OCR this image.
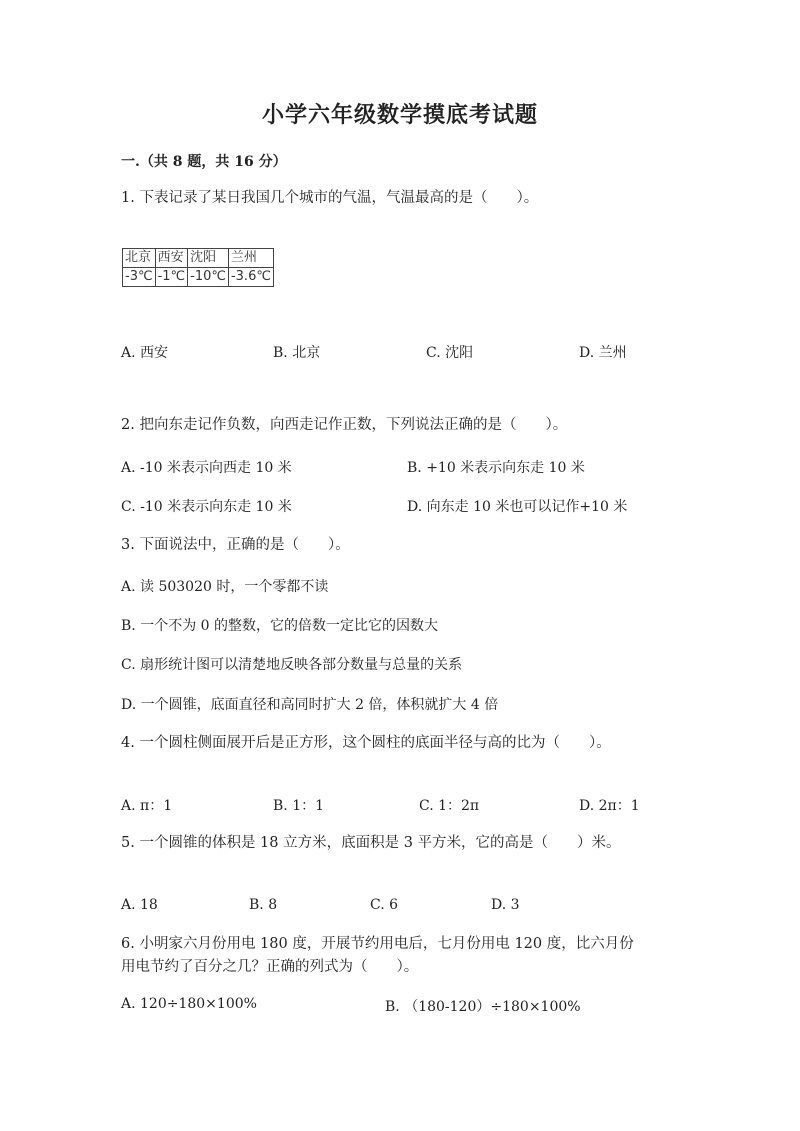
小学六年级数学摸底考试题
一.（共 8 题，共 16 分）
1. 下表记录了某日我国几个城市的气温，气温最高的是（　　）。
北京	西安	沈阳	兰州
-3℃	-1℃	-10℃	-3.6℃
A. 西安	B. 北京	C. 沈阳	D. 兰州
2. 把向东走记作负数，向西走记作正数，下列说法正确的是（　　）。
A. -10 米表示向西走 10 米	B. +10 米表示向东走 10 米
C. -10 米表示向东走 10 米	D. 向东走 10 米也可以记作+10 米
3. 下面说法中，正确的是（　　）。
A. 读 503020 时，一个零都不读
B. 一个不为 0 的整数，它的倍数一定比它的因数大
C. 扇形统计图可以清楚地反映各部分数量与总量的关系
D. 一个圆锥，底面直径和高同时扩大 2 倍，体积就扩大 4 倍
4. 一个圆柱侧面展开后是正方形，这个圆柱的底面半径与高的比为（　　）。
A. π：1	B. 1：1	C. 1：2π	D. 2π：1
5. 一个圆锥的体积是 18 立方米，底面积是 3 平方米，它的高是（　　）米。
A. 18	B. 8	C. 6	D. 3
6. 小明家六月份用电 180 度，开展节约用电后，七月份用电 120 度，比六月份
用电节约了百分之几？正确的列式为（　　）。
A. 120÷180×100%	B. （180-120）÷180×100%
